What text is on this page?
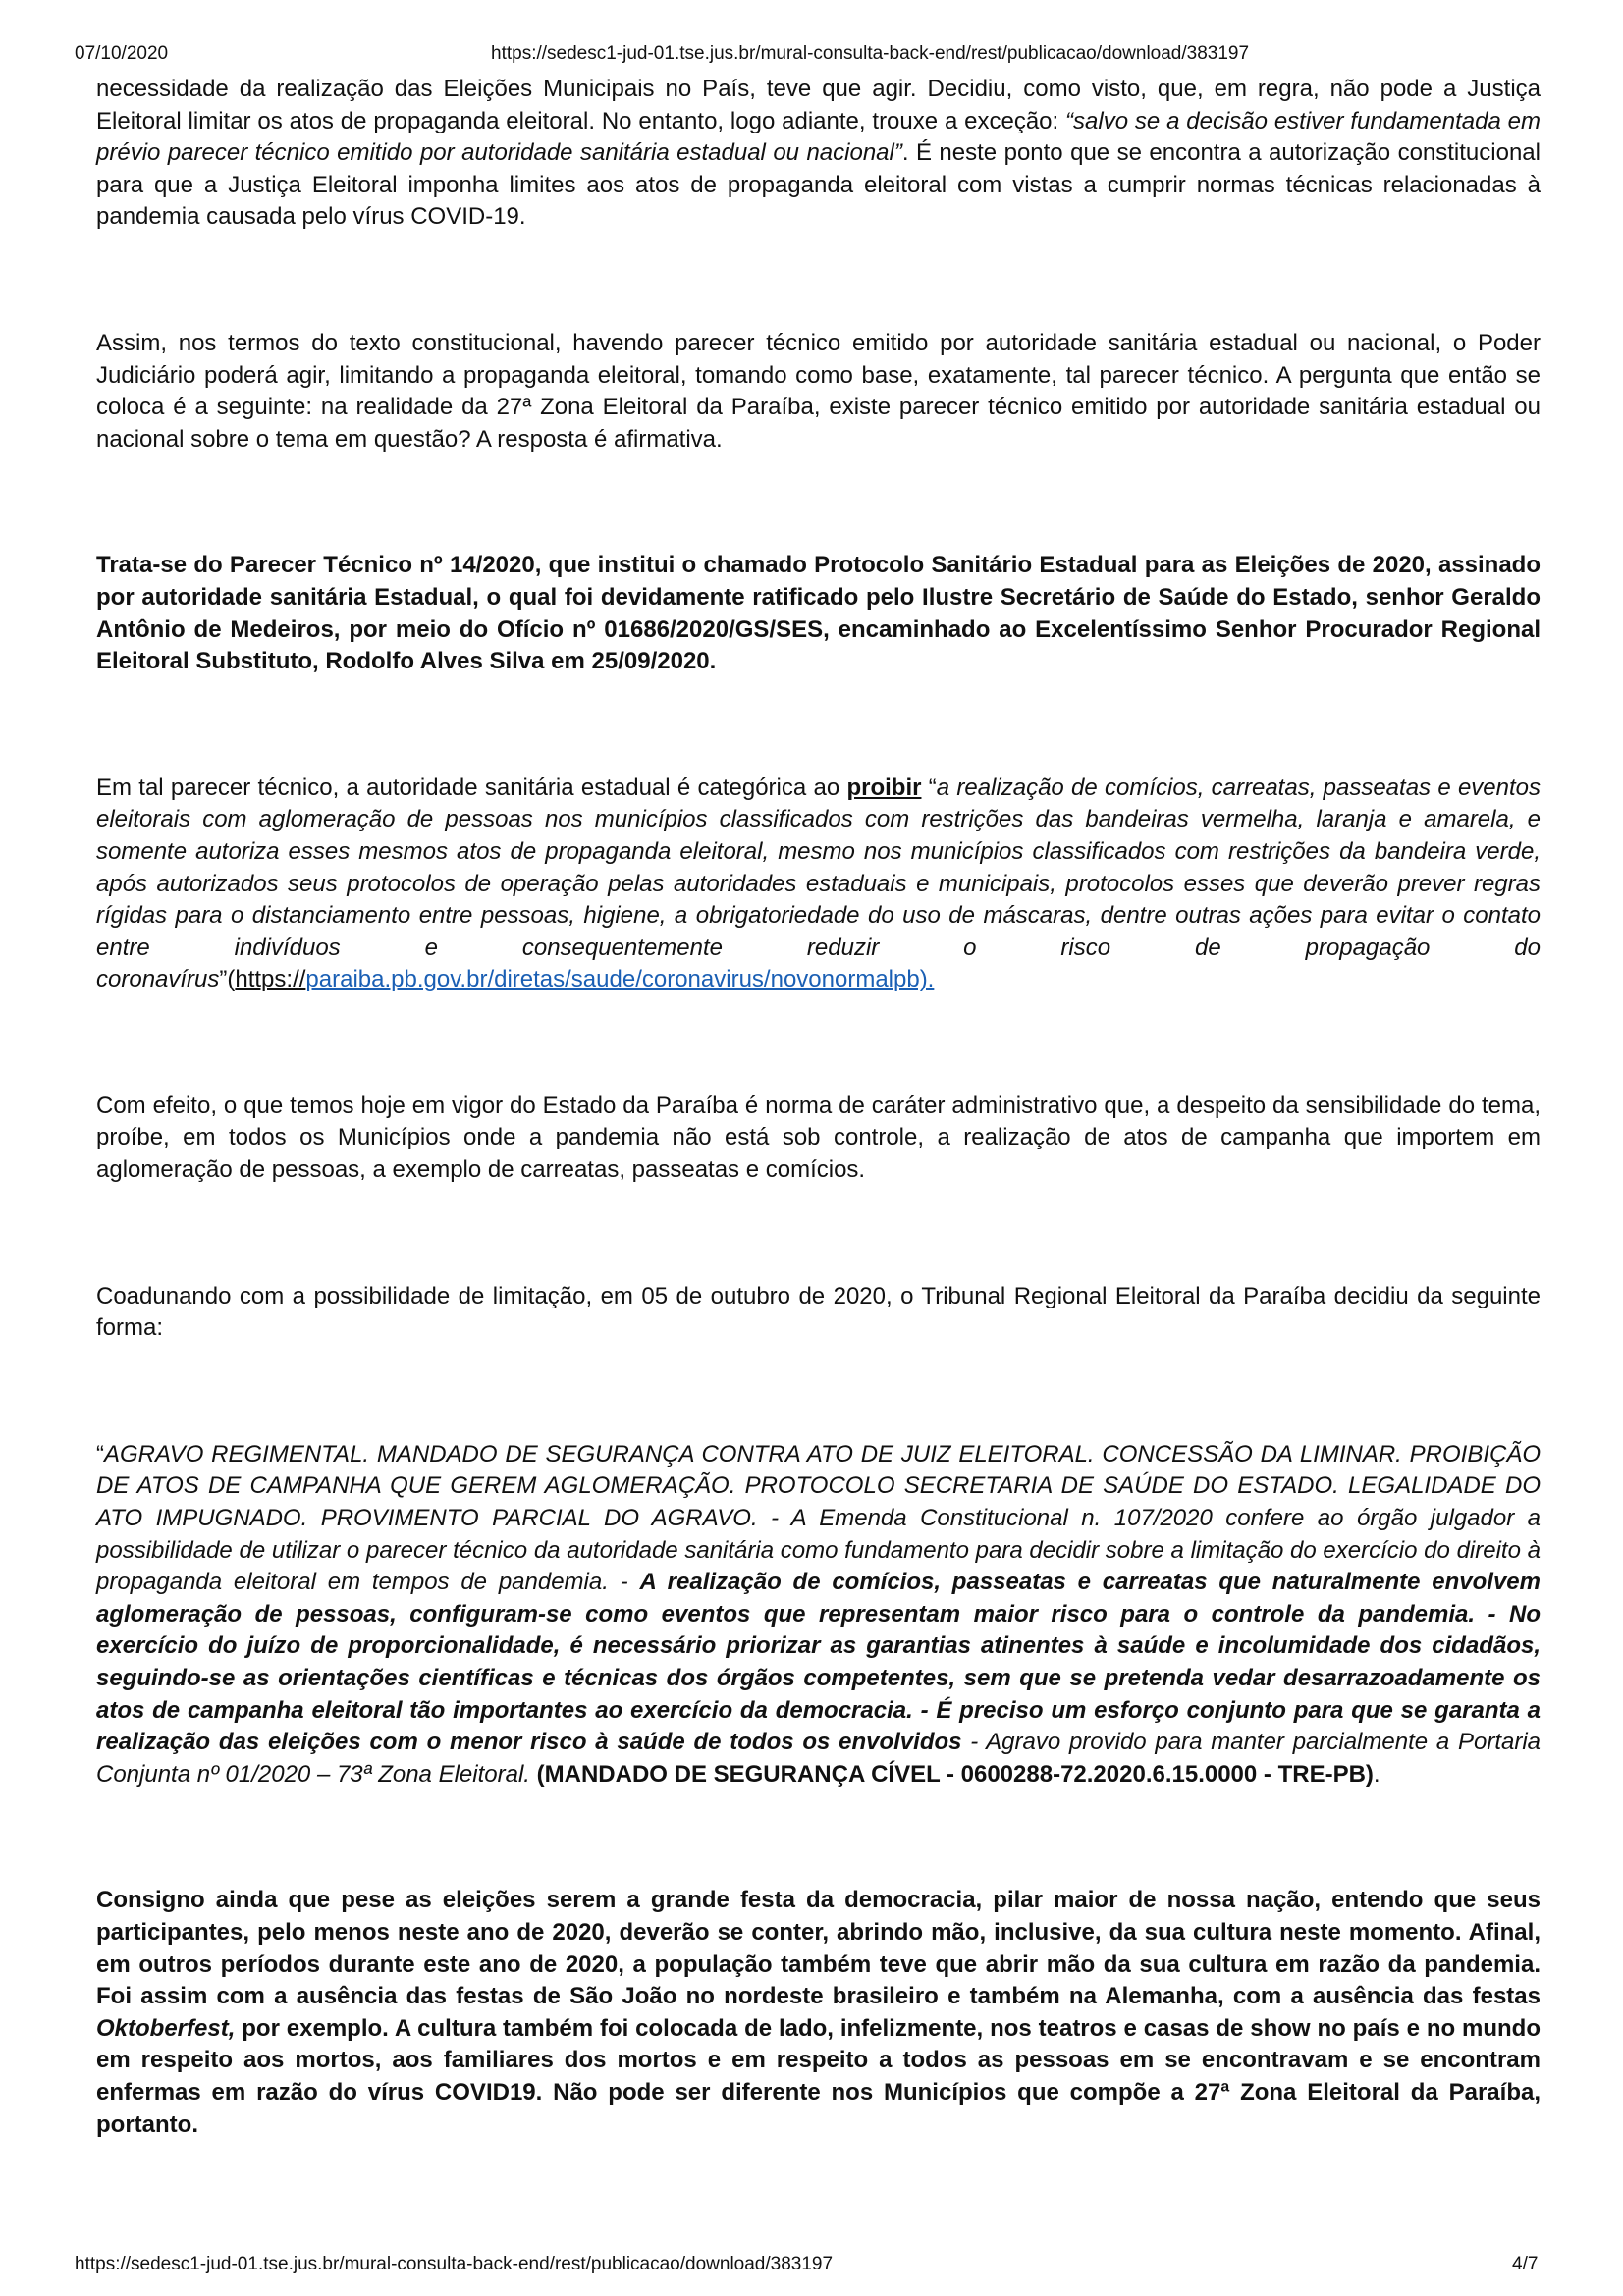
07/10/2020	https://sedesc1-jud-01.tse.jus.br/mural-consulta-back-end/rest/publicacao/download/383197

necessidade da realização das Eleições Municipais no País, teve que agir. Decidiu, como visto, que, em regra, não pode a Justiça Eleitoral limitar os atos de propaganda eleitoral. No entanto, logo adiante, trouxe a exceção: “salvo se a decisão estiver fundamentada em prévio parecer técnico emitido por autoridade sanitária estadual ou nacional”. É neste ponto que se encontra a autorização constitucional para que a Justiça Eleitoral imponha limites aos atos de propaganda eleitoral com vistas a cumprir normas técnicas relacionadas à pandemia causada pelo vírus COVID-19.

Assim, nos termos do texto constitucional, havendo parecer técnico emitido por autoridade sanitária estadual ou nacional, o Poder Judiciário poderá agir, limitando a propaganda eleitoral, tomando como base, exatamente, tal parecer técnico. A pergunta que então se coloca é a seguinte: na realidade da 27ª Zona Eleitoral da Paraíba, existe parecer técnico emitido por autoridade sanitária estadual ou nacional sobre o tema em questão? A resposta é afirmativa.

Trata-se do Parecer Técnico nº 14/2020, que institui o chamado Protocolo Sanitário Estadual para as Eleições de 2020, assinado por autoridade sanitária Estadual, o qual foi devidamente ratificado pelo Ilustre Secretário de Saúde do Estado, senhor Geraldo Antônio de Medeiros, por meio do Ofício nº 01686/2020/GS/SES, encaminhado ao Excelentíssimo Senhor Procurador Regional Eleitoral Substituto, Rodolfo Alves Silva em 25/09/2020.

Em tal parecer técnico, a autoridade sanitária estadual é categórica ao proibir “a realização de comícios, carreatas, passeatas e eventos eleitorais com aglomeração de pessoas nos municípios classificados com restrições das bandeiras vermelha, laranja e amarela, e somente autoriza esses mesmos atos de propaganda eleitoral, mesmo nos municípios classificados com restrições da bandeira verde, após autorizados seus protocolos de operação pelas autoridades estaduais e municipais, protocolos esses que deverão prever regras rígidas para o distanciamento entre pessoas, higiene, a obrigatoriedade do uso de máscaras, dentre outras ações para evitar o contato entre indivíduos e consequentemente reduzir o risco de propagação do coronavírus”(https://paraiba.pb.gov.br/diretas/saude/coronavirus/novonormalpb).

Com efeito, o que temos hoje em vigor do Estado da Paraíba é norma de caráter administrativo que, a despeito da sensibilidade do tema, proíbe, em todos os Municípios onde a pandemia não está sob controle, a realização de atos de campanha que importem em aglomeração de pessoas, a exemplo de carreatas, passeatas e comícios.

Coadunando com a possibilidade de limitação, em 05 de outubro de 2020, o Tribunal Regional Eleitoral da Paraíba decidiu da seguinte forma:

“AGRAVO REGIMENTAL. MANDADO DE SEGURANÇA CONTRA ATO DE JUIZ ELEITORAL. CONCESSÃO DA LIMINAR. PROIBIÇÃO DE ATOS DE CAMPANHA QUE GEREM AGLOMERAÇÃO. PROTOCOLO SECRETARIA DE SAÚDE DO ESTADO. LEGALIDADE DO ATO IMPUGNADO. PROVIMENTO PARCIAL DO AGRAVO. - A Emenda Constitucional n. 107/2020 confere ao órgão julgador a possibilidade de utilizar o parecer técnico da autoridade sanitária como fundamento para decidir sobre a limitação do exercício do direito à propaganda eleitoral em tempos de pandemia. - A realização de comícios, passeatas e carreatas que naturalmente envolvem aglomeração de pessoas, configuram-se como eventos que representam maior risco para o controle da pandemia. - No exercício do juízo de proporcionalidade, é necessário priorizar as garantias atinentes à saúde e incolumidade dos cidadãos, seguindo-se as orientações científicas e técnicas dos órgãos competentes, sem que se pretenda vedar desarrazoadamente os atos de campanha eleitoral tão importantes ao exercício da democracia. - É preciso um esforço conjunto para que se garanta a realização das eleições com o menor risco à saúde de todos os envolvidos - Agravo provido para manter parcialmente a Portaria Conjunta nº 01/2020 – 73ª Zona Eleitoral. (MANDADO DE SEGURANÇA CÍVEL - 0600288-72.2020.6.15.0000 - TRE-PB).

Consigno ainda que pese as eleições serem a grande festa da democracia, pilar maior de nossa nação, entendo que seus participantes, pelo menos neste ano de 2020, deverão se conter, abrindo mão, inclusive, da sua cultura neste momento. Afinal, em outros períodos durante este ano de 2020, a população também teve que abrir mão da sua cultura em razão da pandemia. Foi assim com a ausência das festas de São João no nordeste brasileiro e também na Alemanha, com a ausência das festas Oktoberfest, por exemplo. A cultura também foi colocada de lado, infelizmente, nos teatros e casas de show no país e no mundo em respeito aos mortos, aos familiares dos mortos e em respeito a todos as pessoas em se encontravam e se encontram enfermas em razão do vírus COVID19. Não pode ser diferente nos Municípios que compõe a 27ª Zona Eleitoral da Paraíba, portanto.

https://sedesc1-jud-01.tse.jus.br/mural-consulta-back-end/rest/publicacao/download/383197	4/7
